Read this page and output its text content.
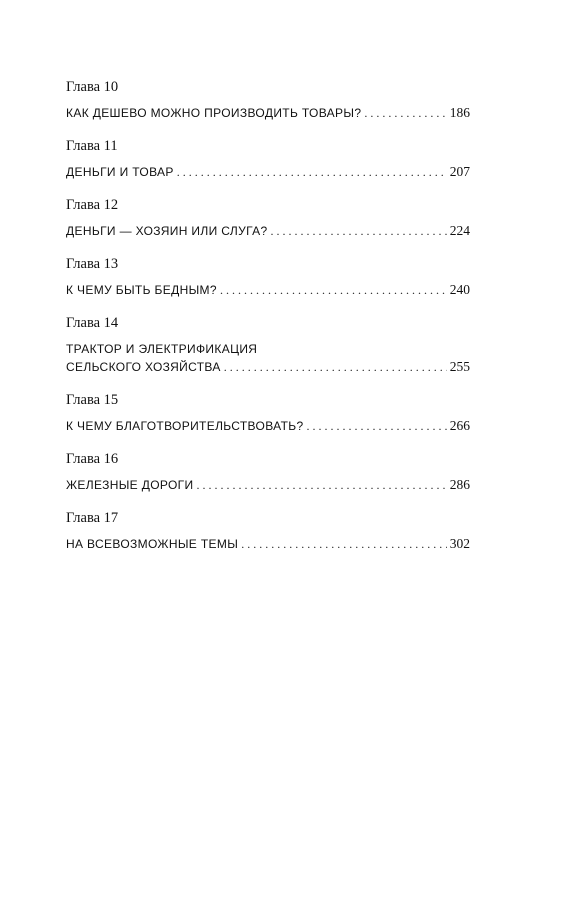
Глава 10
КАК ДЕШЕВО МОЖНО ПРОИЗВОДИТЬ ТОВАРЫ? . . .	186
Глава 11
ДЕНЬГИ И ТОВАР . . .	207
Глава 12
ДЕНЬГИ — ХОЗЯИН ИЛИ СЛУГА? . . .	224
Глава 13
К ЧЕМУ БЫТЬ БЕДНЫМ? . . .	240
Глава 14
ТРАКТОР И ЭЛЕКТРИФИКАЦИЯ
СЕЛЬСКОГО ХОЗЯЙСТВА . . .	255
Глава 15
К ЧЕМУ БЛАГОТВОРИТЕЛЬСТВОВАТЬ? . . .	266
Глава 16
ЖЕЛЕЗНЫЕ ДОРОГИ . . .	286
Глава 17
НА ВСЕВОЗМОЖНЫЕ ТЕМЫ . . .	302
